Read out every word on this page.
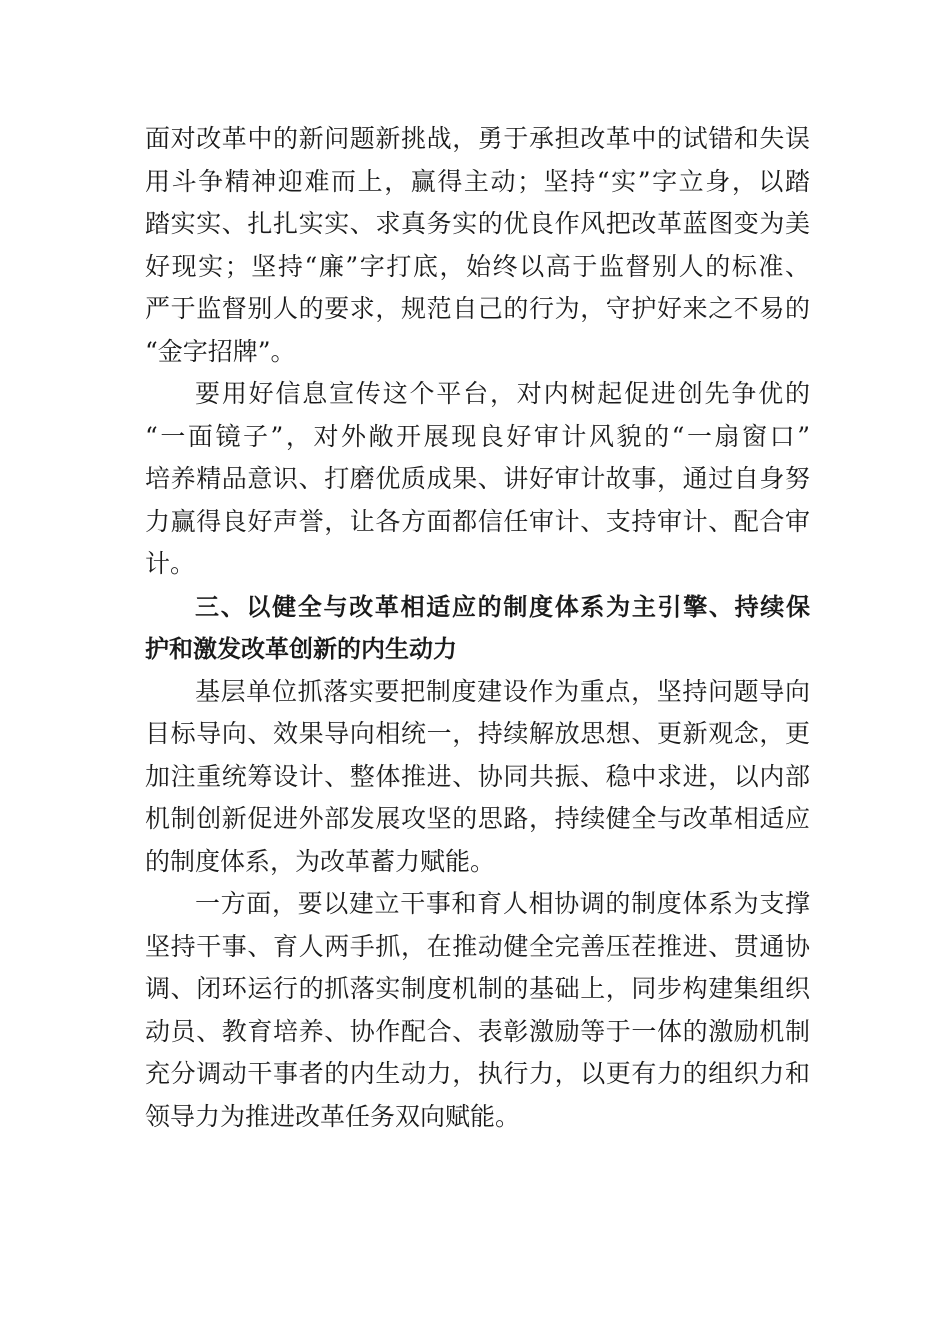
面对改革中的新问题新挑战，勇于承担改革中的试错和失误
用斗争精神迎难而上，赢得主动；坚持“实”字立身，以踏
踏实实、扎扎实实、求真务实的优良作风把改革蓝图变为美
好现实；坚持“廉”字打底，始终以高于监督别人的标准、
严于监督别人的要求，规范自己的行为，守护好来之不易的
“金字招牌”。
要用好信息宣传这个平台，对内树起促进创先争优的
“一面镜子”，对外敞开展现良好审计风貌的“一扇窗口”
培养精品意识、打磨优质成果、讲好审计故事，通过自身努
力赢得良好声誉，让各方面都信任审计、支持审计、配合审
计。
三、以健全与改革相适应的制度体系为主引擎、持续保
护和激发改革创新的内生动力
基层单位抓落实要把制度建设作为重点，坚持问题导向
目标导向、效果导向相统一，持续解放思想、更新观念，更
加注重统筹设计、整体推进、协同共振、稳中求进，以内部
机制创新促进外部发展攻坚的思路，持续健全与改革相适应
的制度体系，为改革蓄力赋能。
一方面，要以建立干事和育人相协调的制度体系为支撑
坚持干事、育人两手抓，在推动健全完善压茬推进、贯通协
调、闭环运行的抓落实制度机制的基础上，同步构建集组织
动员、教育培养、协作配合、表彰激励等于一体的激励机制
充分调动干事者的内生动力，执行力，以更有力的组织力和
领导力为推进改革任务双向赋能。
